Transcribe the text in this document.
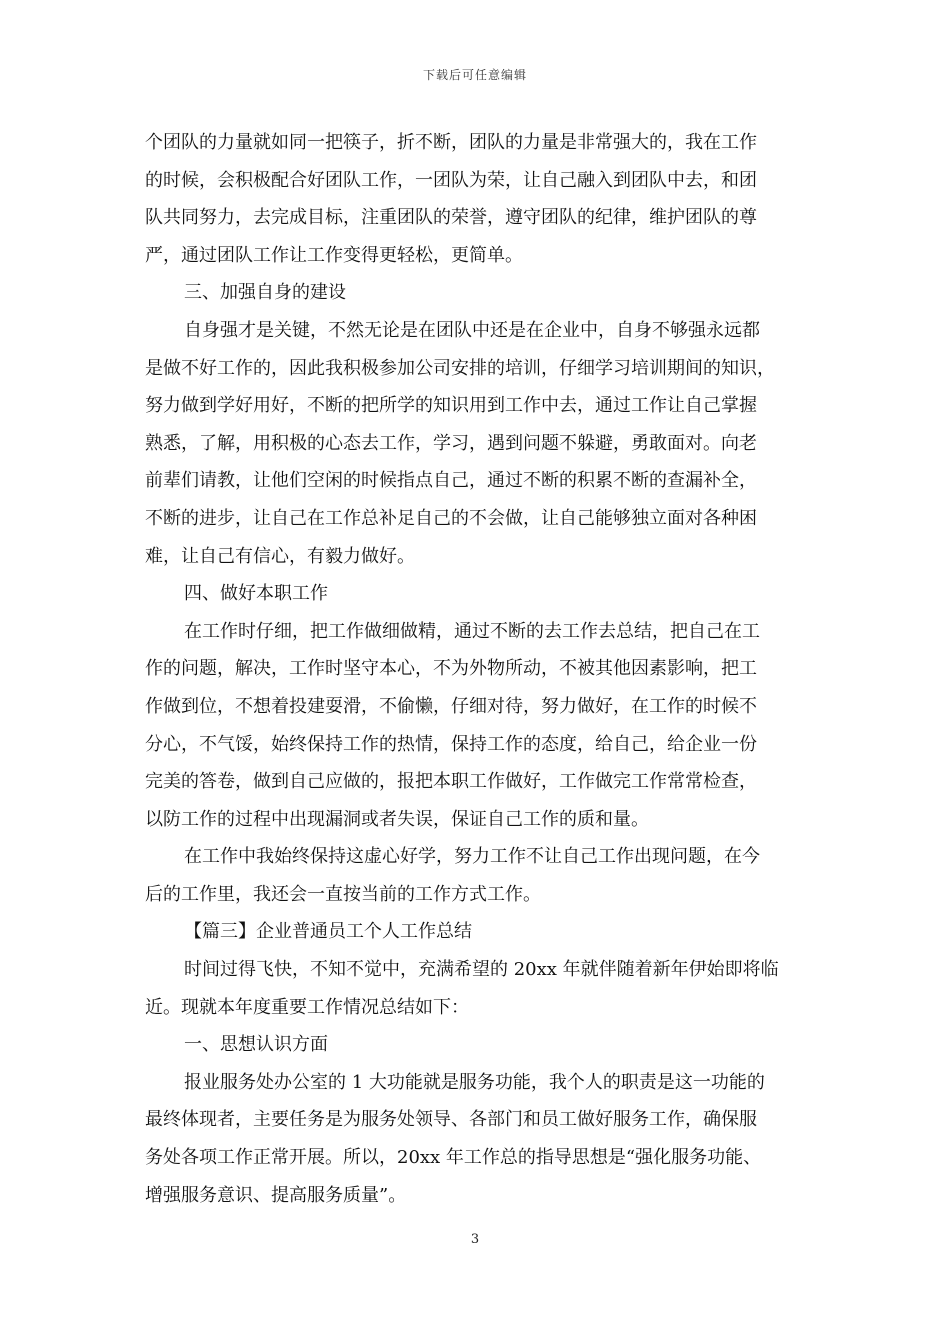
下载后可任意编辑
个团队的力量就如同一把筷子，折不断，团队的力量是非常强大的，我在工作
的时候，会积极配合好团队工作，一团队为荣，让自己融入到团队中去，和团
队共同努力，去完成目标，注重团队的荣誉，遵守团队的纪律，维护团队的尊
严，通过团队工作让工作变得更轻松，更简单。
三、加强自身的建设
自身强才是关键，不然无论是在团队中还是在企业中，自身不够强永远都
是做不好工作的，因此我积极参加公司安排的培训，仔细学习培训期间的知识，
努力做到学好用好，不断的把所学的知识用到工作中去，通过工作让自己掌握
熟悉，了解，用积极的心态去工作，学习，遇到问题不躲避，勇敢面对。向老
前辈们请教，让他们空闲的时候指点自己，通过不断的积累不断的查漏补全，
不断的进步，让自己在工作总补足自己的不会做，让自己能够独立面对各种困
难，让自己有信心，有毅力做好。
四、做好本职工作
在工作时仔细，把工作做细做精，通过不断的去工作去总结，把自己在工
作的问题，解决，工作时坚守本心，不为外物所动，不被其他因素影响，把工
作做到位，不想着投建耍滑，不偷懒，仔细对待，努力做好，在工作的时候不
分心，不气馁，始终保持工作的热情，保持工作的态度，给自己，给企业一份
完美的答卷，做到自己应做的，报把本职工作做好，工作做完工作常常检查，
以防工作的过程中出现漏洞或者失误，保证自己工作的质和量。
在工作中我始终保持这虚心好学，努力工作不让自己工作出现问题，在今
后的工作里，我还会一直按当前的工作方式工作。
【篇三】企业普通员工个人工作总结
时间过得飞快，不知不觉中，充满希望的 20xx 年就伴随着新年伊始即将临
近。现就本年度重要工作情况总结如下：
一、思想认识方面
报业服务处办公室的 1 大功能就是服务功能，我个人的职责是这一功能的
最终体现者，主要任务是为服务处领导、各部门和员工做好服务工作，确保服
务处各项工作正常开展。所以，20xx 年工作总的指导思想是“强化服务功能、
增强服务意识、提高服务质量”。
3
